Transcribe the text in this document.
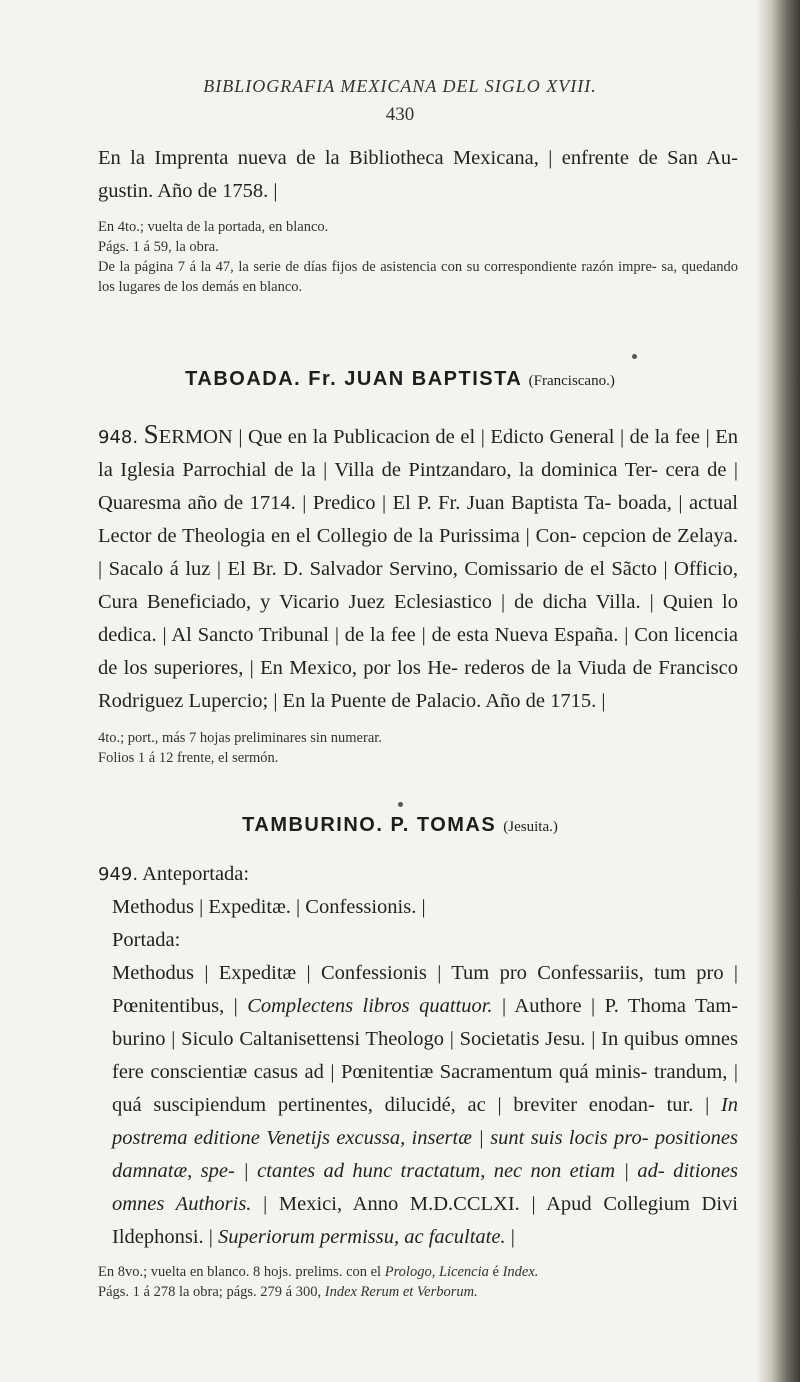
BIBLIOGRAFIA MEXICANA DEL SIGLO XVIII.
430
En la Imprenta nueva de la Bibliotheca Mexicana, | enfrente de San Au- gustin. Año de 1758. |
En 4to.; vuelta de la portada, en blanco.
Págs. 1 á 59, la obra.
De la página 7 á la 47, la serie de días fijos de asistencia con su correspondiente razón impre- sa, quedando los lugares de los demás en blanco.
TABOADA. Fr. JUAN BAPTISTA (Franciscano.)
948. SERMON | Que en la Publicacion de el | Edicto General | de la fee | En la Iglesia Parrochial de la | Villa de Pintzandaro, la dominica Ter- cera de | Quaresma año de 1714. | Predico | El P. Fr. Juan Baptista Ta- boada, | actual Lector de Theologia en el Collegio de la Purissima | Con- cepcion de Zelaya. | Sacalo á luz | El Br. D. Salvador Servino, Comissario de el Sãcto | Officio, Cura Beneficiado, y Vicario Juez Eclesiastico | de dicha Villa. | Quien lo dedica. | Al Sancto Tribunal | de la fee | de esta Nueva España. | Con licencia de los superiores, | En Mexico, por los He- rederos de la Viuda de Francisco Rodriguez Lupercio; | En la Puente de Palacio. Año de 1715. |
4to.; port., más 7 hojas preliminares sin numerar.
Folios 1 á 12 frente, el sermón.
TAMBURINO. P. TOMAS (Jesuita.)
949. Anteportada:
Methodus | Expeditæ. | Confessionis. |
Portada:
Methodus | Expeditæ | Confessionis | Tum pro Confessariis, tum pro | Pœnitentibus, | Complectens libros quattuor. | Authore | P. Thoma Tam- burino | Siculo Caltanisettensi Theologo | Societatis Jesu. | In quibus omnes fere conscientiæ casus ad | Pœnitentiæ Sacramentum quá minis- trandum, | quá suscipiendum pertinentes, dilucidé, ac | breviter enodan- tur. | In postrema editione Venetijs excussa, insertæ | sunt suis locis pro- positiones damnatæ, spe- | ctantes ad hunc tractatum, nec non etiam | ad- ditiones omnes Authoris. | Mexici, Anno M.D.CCLXI. | Apud Collegium Divi Ildephonsi. | Superiorum permissu, ac facultate. |
En 8vo.; vuelta en blanco. 8 hojs. prelims. con el Prologo, Licencia é Index.
Págs. 1 á 278 la obra; págs. 279 á 300, Index Rerum et Verborum.
